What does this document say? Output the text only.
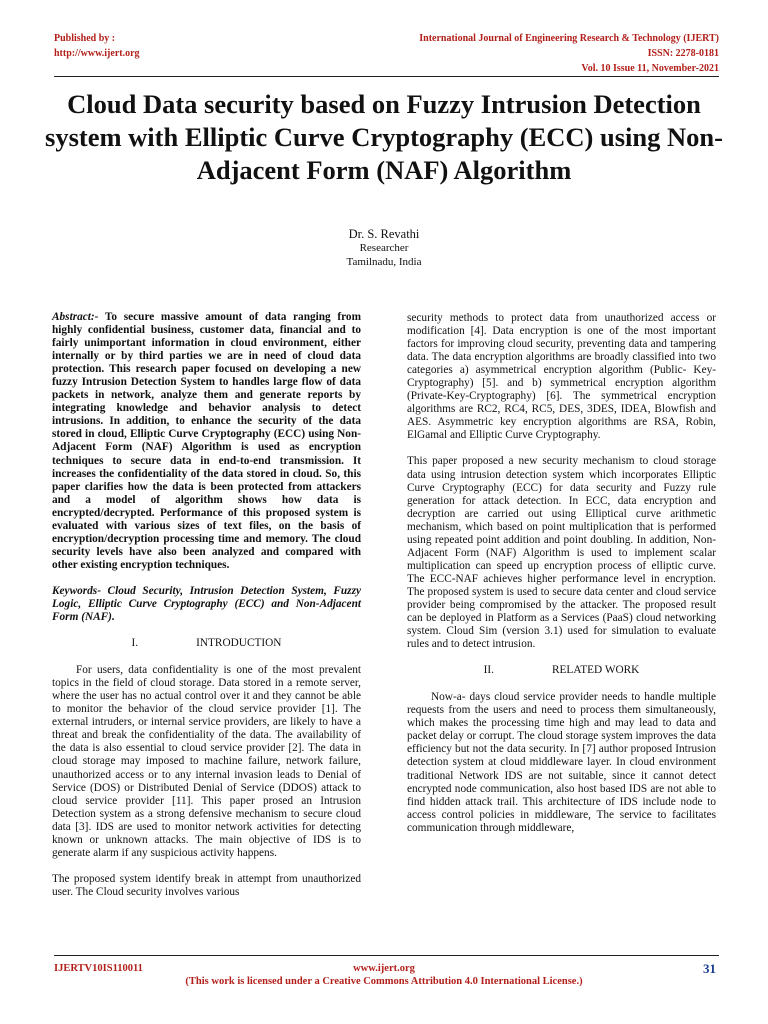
Published by :
http://www.ijert.org
International Journal of Engineering Research & Technology (IJERT)
ISSN: 2278-0181
Vol. 10 Issue 11, November-2021
Cloud Data security based on Fuzzy Intrusion Detection system with Elliptic Curve Cryptography (ECC) using Non-Adjacent Form (NAF) Algorithm
Dr. S. Revathi
Researcher
Tamilnadu, India

Abstract:- To secure massive amount of data ranging from highly confidential business, customer data, financial and to fairly unimportant information in cloud environment, either internally or by third parties we are in need of cloud data protection. This research paper focused on developing a new fuzzy Intrusion Detection System to handles large flow of data packets in network, analyze them and generate reports by integrating knowledge and behavior analysis to detect intrusions. In addition, to enhance the security of the data stored in cloud, Elliptic Curve Cryptography (ECC) using Non-Adjacent Form (NAF) Algorithm is used as encryption techniques to secure data in end-to-end transmission. It increases the confidentiality of the data stored in cloud. So, this paper clarifies how the data is been protected from attackers and a model of algorithm shows how data is encrypted/decrypted. Performance of this proposed system is evaluated with various sizes of text files, on the basis of encryption/decryption processing time and memory. The cloud security levels have also been analyzed and compared with other existing encryption techniques.

Keywords- Cloud Security, Intrusion Detection System, Fuzzy Logic, Elliptic Curve Cryptography (ECC) and Non-Adjacent Form (NAF).

I.	INTRODUCTION

For users, data confidentiality is one of the most prevalent topics in the field of cloud storage. Data stored in a remote server, where the user has no actual control over it and they cannot be able to monitor the behavior of the cloud service provider [1]. The external intruders, or internal service providers, are likely to have a threat and break the confidentiality of the data. The availability of the data is also essential to cloud service provider [2]. The data in cloud storage may imposed to machine failure, network failure, unauthorized access or to any internal invasion leads to Denial of Service (DOS) or Distributed Denial of Service (DDOS) attack to cloud service provider [11]. This paper prosed an Intrusion Detection system as a strong defensive mechanism to secure cloud data [3]. IDS are used to monitor network activities for detecting known or unknown attacks. The main objective of IDS is to generate alarm if any suspicious activity happens.

The proposed system identify break in attempt from unauthorized user. The Cloud security involves various

security methods to protect data from unauthorized access or modification [4]. Data encryption is one of the most important factors for improving cloud security, preventing data and tampering data. The data encryption algorithms are broadly classified into two categories a) asymmetrical encryption algorithm (Public- Key-Cryptography) [5]. and b) symmetrical encryption algorithm (Private-Key-Cryptography) [6]. The symmetrical encryption algorithms are RC2, RC4, RC5, DES, 3DES, IDEA, Blowfish and AES. Asymmetric key encryption algorithms are RSA, Robin, ElGamal and Elliptic Curve Cryptography.

This paper proposed a new security mechanism to cloud storage data using intrusion detection system which incorporates Elliptic Curve Cryptography (ECC) for data security and Fuzzy rule generation for attack detection. In ECC, data encryption and decryption are carried out using Elliptical curve arithmetic mechanism, which based on point multiplication that is performed using repeated point addition and point doubling. In addition, Non-Adjacent Form (NAF) Algorithm is used to implement scalar multiplication can speed up encryption process of elliptic curve. The ECC-NAF achieves higher performance level in encryption. The proposed system is used to secure data center and cloud service provider being compromised by the attacker. The proposed result can be deployed in Platform as a Services (PaaS) cloud networking system. Cloud Sim (version 3.1) used for simulation to evaluate rules and to detect intrusion.

II.	RELATED WORK

Now-a- days cloud service provider needs to handle multiple requests from the users and need to process them simultaneously, which makes the processing time high and may lead to data and packet delay or corrupt. The cloud storage system improves the data efficiency but not the data security. In [7] author proposed Intrusion detection system at cloud middleware layer. In cloud environment traditional Network IDS are not suitable, since it cannot detect encrypted node communication, also host based IDS are not able to find hidden attack trail. This architecture of IDS include node to access control policies in middleware, The service to facilitates communication through middleware,

IJERTV10IS110011	www.ijert.org
(This work is licensed under a Creative Commons Attribution 4.0 International License.)
31
